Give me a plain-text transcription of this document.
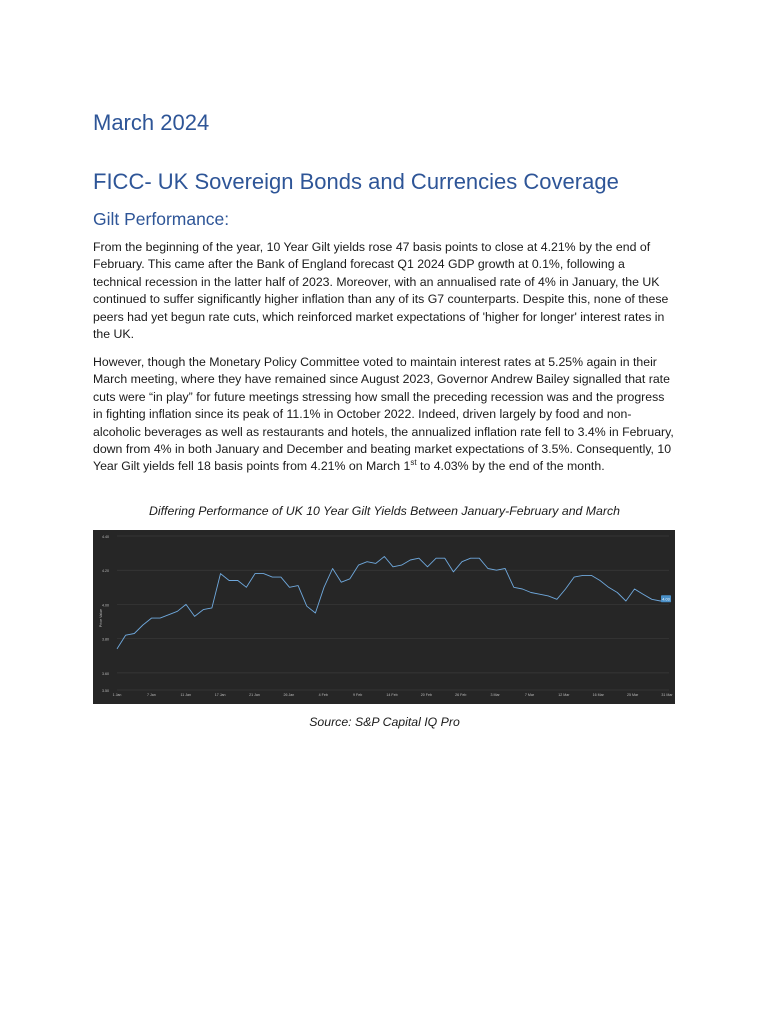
March 2024
FICC- UK Sovereign Bonds and Currencies Coverage
Gilt Performance:

From the beginning of the year, 10 Year Gilt yields rose 47 basis points to close at 4.21% by the end of February. This came after the Bank of England forecast Q1 2024 GDP growth at 0.1%, following a technical recession in the latter half of 2023. Moreover, with an annualised rate of 4% in January, the UK continued to suffer significantly higher inflation than any of its G7 counterparts. Despite this, none of these peers had yet begun rate cuts, which reinforced market expectations of 'higher for longer' interest rates in the UK.

However, though the Monetary Policy Committee voted to maintain interest rates at 5.25% again in their March meeting, where they have remained since August 2023, Governor Andrew Bailey signalled that rate cuts were “in play” for future meetings stressing how small the preceding recession was and the progress in fighting inflation since its peak of 11.1% in October 2022. Indeed, driven largely by food and non-alcoholic beverages as well as restaurants and hotels, the annualized inflation rate fell to 3.4% in February, down from 4% in both January and December and beating market expectations of 3.5%. Consequently, 10 Year Gilt yields fell 18 basis points from 4.21% on March 1st to 4.03% by the end of the month.

Differing Performance of UK 10 Year Gilt Yields Between January-February and March

3.50
3.60
3.80
4.00
4.20
4.40
Price Value
1 Jan	7 Jan	11 Jan	17 Jan	21 Jan	26 Jan	4 Feb	9 Feb	14 Feb	20 Feb	26 Feb	3 Mar	7 Mar	12 Mar	16 Mar	25 Mar	31 Mar
4.03

Source: S&P Capital IQ Pro
